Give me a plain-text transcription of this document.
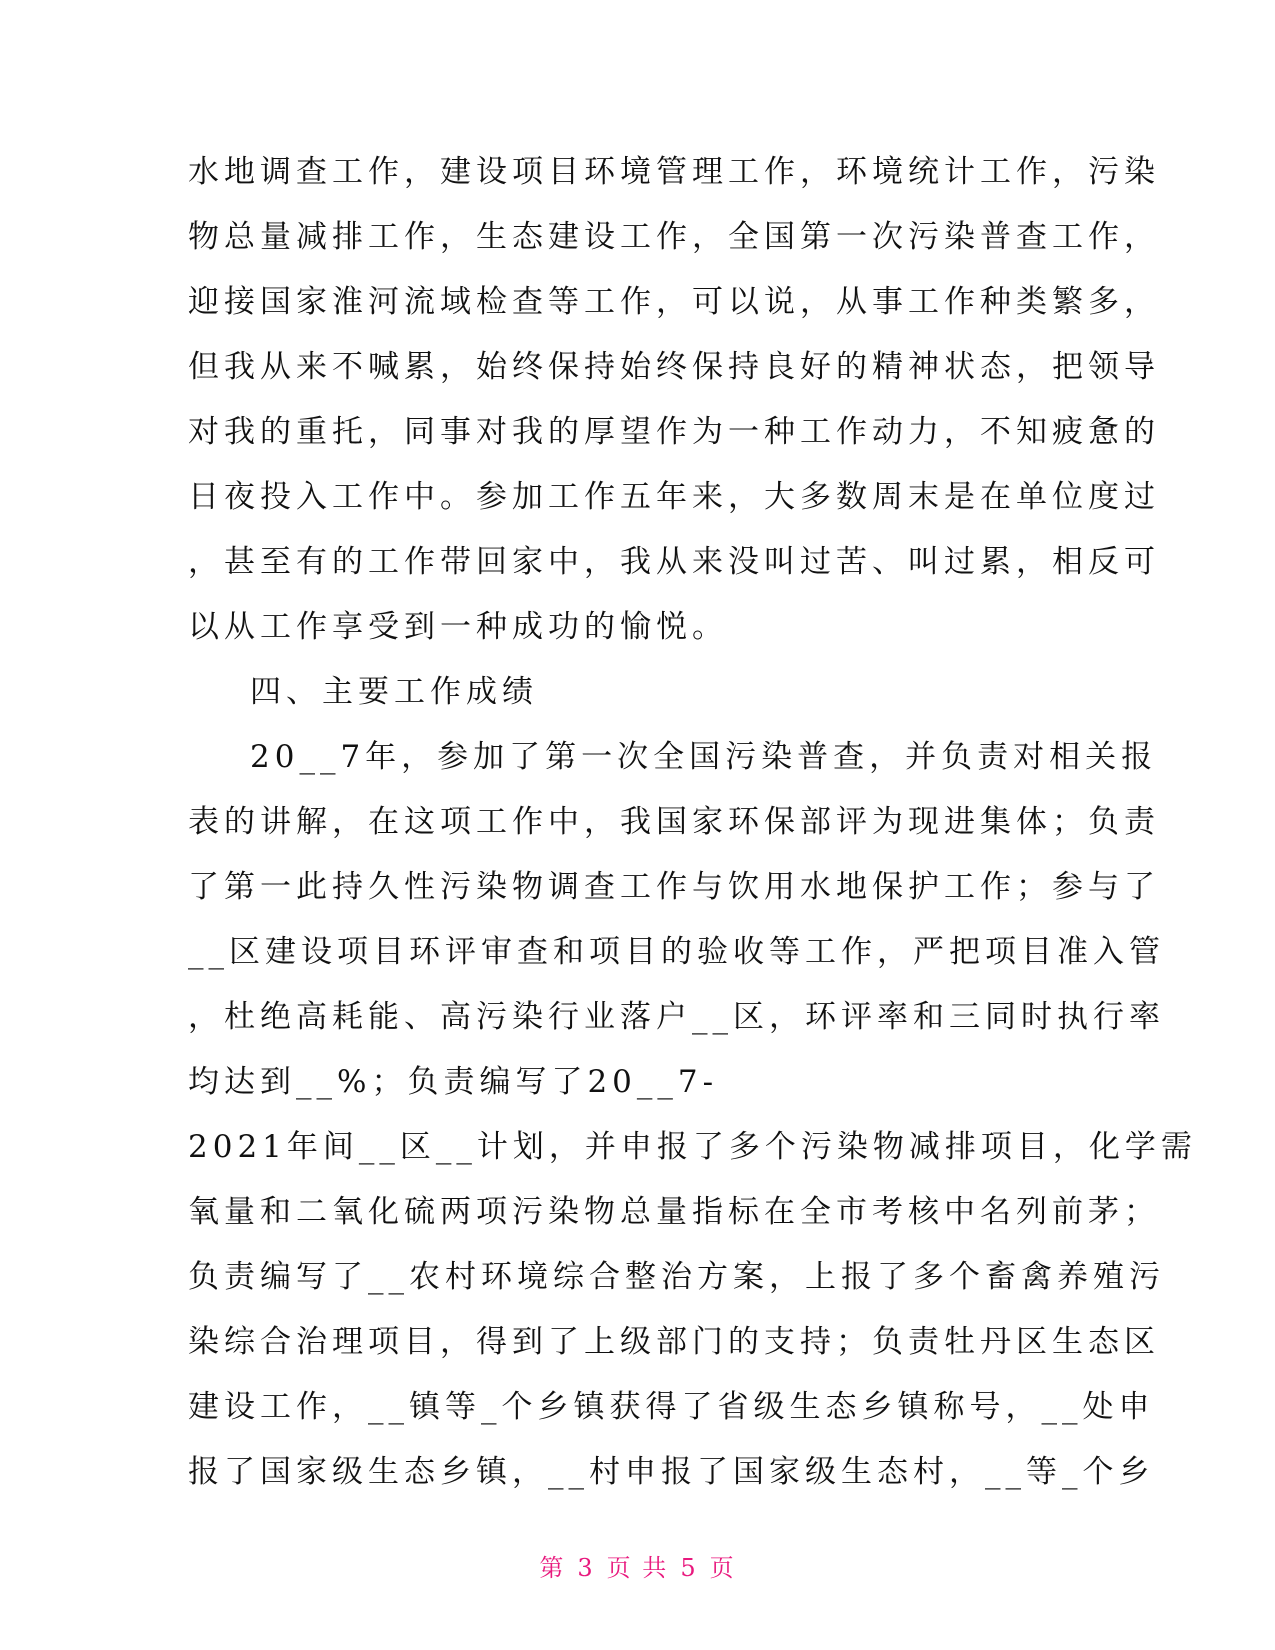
水地调查工作，建设项目环境管理工作，环境统计工作，污染
物总量减排工作，生态建设工作，全国第一次污染普查工作，
迎接国家淮河流域检查等工作，可以说，从事工作种类繁多，
但我从来不喊累，始终保持始终保持良好的精神状态，把领导
对我的重托，同事对我的厚望作为一种工作动力，不知疲惫的
日夜投入工作中。参加工作五年来，大多数周末是在单位度过
，甚至有的工作带回家中，我从来没叫过苦、叫过累，相反可
以从工作享受到一种成功的愉悦。
四、主要工作成绩
20__7年，参加了第一次全国污染普查，并负责对相关报
表的讲解，在这项工作中，我国家环保部评为现进集体；负责
了第一此持久性污染物调查工作与饮用水地保护工作；参与了
__区建设项目环评审查和项目的验收等工作，严把项目准入管
，杜绝高耗能、高污染行业落户__区，环评率和三同时执行率
均达到__%；负责编写了20__7-
2021年间__区__计划，并申报了多个污染物减排项目，化学需
氧量和二氧化硫两项污染物总量指标在全市考核中名列前茅；
负责编写了__农村环境综合整治方案，上报了多个畜禽养殖污
染综合治理项目，得到了上级部门的支持；负责牡丹区生态区
建设工作，__镇等_个乡镇获得了省级生态乡镇称号，__处申
报了国家级生态乡镇，__村申报了国家级生态村，__等_个乡
第 3 页 共 5 页
